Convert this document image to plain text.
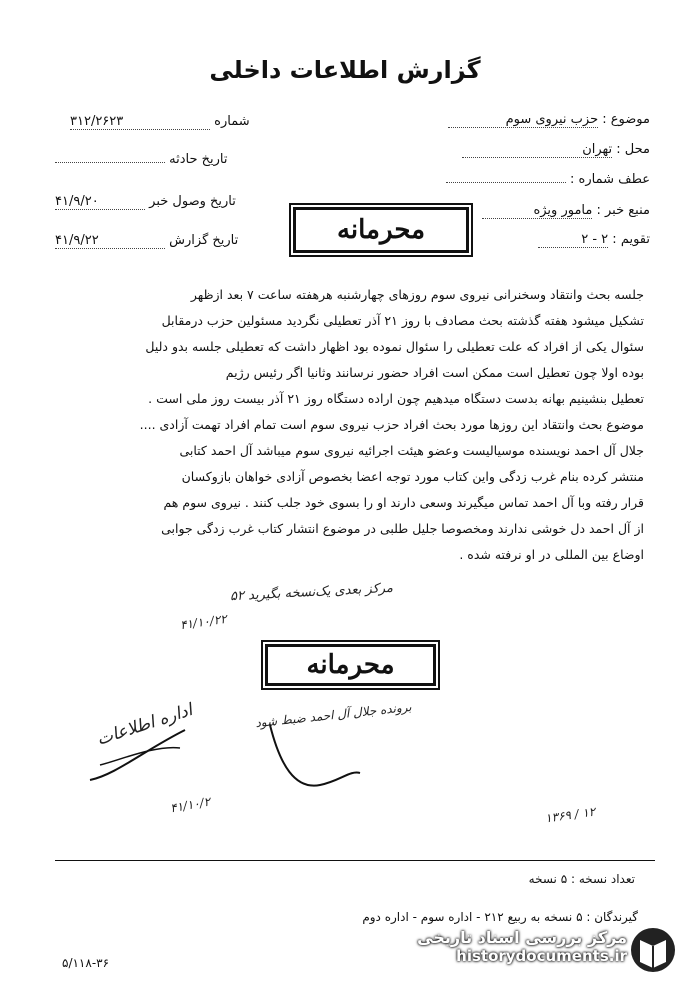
گزارش اطلاعات داخلی
موضوع : حزب نیروی سوم
محل : تهران
عطف شماره :
منبع خبر : مامور ویژه
تقویم : ۲ - ۲
شماره ۳۱۲/۲۶۲۳
تاریخ حادثه
تاریخ وصول خبر ۴۱/۹/۲۰
تاریخ گزارش ۴۱/۹/۲۲	محرمانه

جلسه بحث وانتقاد وسخنرانی نیروی سوم روزهای چهارشنبه هرهفته ساعت ۷ بعد ازظهر

تشکیل میشود هفته گذشته بحث مصادف با روز ۲۱ آذر تعطیلی نگردید مسئولین حزب درمقابل

سئوال یکی از افراد که علت تعطیلی را سئوال نموده بود اظهار داشت که تعطیلی جلسه بدو دلیل

بوده اولا چون تعطیل است ممکن است افراد حضور نرسانند وثانیا اگر رئیس رژیم

تعطیل بنشینیم بهانه بدست دستگاه میدهیم چون اراده دستگاه روز ۲۱ آذر بیست روز ملی است .

موضوع بحث وانتقاد این روزها مورد بحث افراد حزب نیروی سوم است تمام افراد تهمت آزادی ....

جلال آل احمد نویسنده موسیالیست وعضو هیئت اجرائیه نیروی سوم میباشد آل احمد کتابی

منتشر کرده بنام غرب زدگی واین کتاب مورد توجه اعضا بخصوص آزادی خواهان بازوکسان

قرار رفته وبا آل احمد تماس میگیرند وسعی دارند او را بسوی خود جلب کنند . نیروی سوم هم

از آل احمد دل خوشی ندارند ومخصوصا جلیل طلبی در موضوع انتشار کتاب غرب زدگی جوابی

اوضاع بین المللی در او نرفته شده .

مرکز بعدی یک‌نسخه بگیرید ۵۲
۴۱/۱۰/۲۲
محرمانه
برونده جلال آل احمد ضبط شود
اداره اطلاعات
۴۱/۱۰/۲	۱۳۶۹ / ۱۲
تعداد نسخه : ۵ نسخه
گیرندگان : ۵ نسخه به ربیع ۲۱۲ - اداره سوم - اداره دوم
۵/۱۱۸-۳۶
مرکز بررسی اسناد تاریخی
historydocuments.ir
